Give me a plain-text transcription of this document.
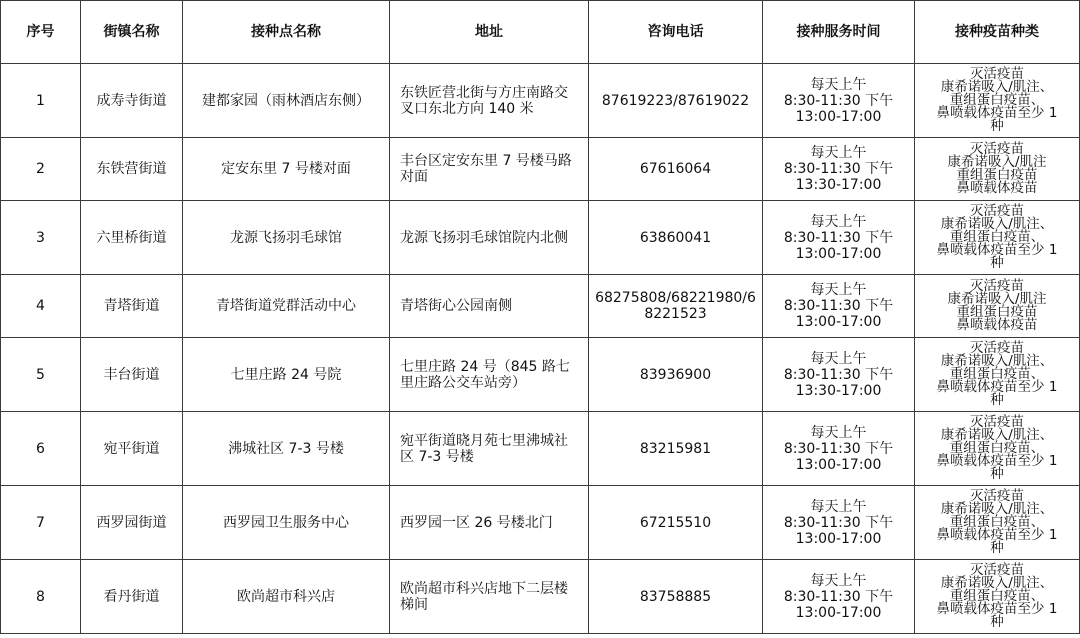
序号	街镇名称	接种点名称	地址	咨询电话	接种服务时间	接种疫苗种类
1	成寿寺街道	建都家园（雨林酒店东侧）	东铁匠营北街与方庄南路交
叉口东北方向 140 米	87619223/87619022	每天上午
8:30-11:30 下午
13:00-17:00	灭活疫苗
康希诺吸入/肌注、
重组蛋白疫苗、
鼻喷载体疫苗至少 1
种
2	东铁营街道	定安东里 7 号楼对面	丰台区定安东里 7 号楼马路
对面	67616064	每天上午
8:30-11:30 下午
13:30-17:00	灭活疫苗
康希诺吸入/肌注
重组蛋白疫苗
鼻喷载体疫苗
3	六里桥街道	龙源飞扬羽毛球馆	龙源飞扬羽毛球馆院内北侧	63860041	每天上午
8:30-11:30 下午
13:00-17:00	灭活疫苗
康希诺吸入/肌注、
重组蛋白疫苗、
鼻喷载体疫苗至少 1
种
4	青塔街道	青塔街道党群活动中心	青塔街心公园南侧	68275808/68221980/6
8221523	每天上午
8:30-11:30 下午
13:00-17:00	灭活疫苗
康希诺吸入/肌注
重组蛋白疫苗
鼻喷载体疫苗
5	丰台街道	七里庄路 24 号院	七里庄路 24 号（845 路七
里庄路公交车站旁）	83936900	每天上午
8:30-11:30 下午
13:30-17:00	灭活疫苗
康希诺吸入/肌注、
重组蛋白疫苗、
鼻喷载体疫苗至少 1
种
6	宛平街道	沸城社区 7-3 号楼	宛平街道晓月苑七里沸城社
区 7-3 号楼	83215981	每天上午
8:30-11:30 下午
13:00-17:00	灭活疫苗
康希诺吸入/肌注、
重组蛋白疫苗、
鼻喷载体疫苗至少 1
种
7	西罗园街道	西罗园卫生服务中心	西罗园一区 26 号楼北门	67215510	每天上午
8:30-11:30 下午
13:00-17:00	灭活疫苗
康希诺吸入/肌注、
重组蛋白疫苗、
鼻喷载体疫苗至少 1
种
8	看丹街道	欧尚超市科兴店	欧尚超市科兴店地下二层楼
梯间	83758885	每天上午
8:30-11:30 下午
13:00-17:00	灭活疫苗
康希诺吸入/肌注、
重组蛋白疫苗、
鼻喷载体疫苗至少 1
种
